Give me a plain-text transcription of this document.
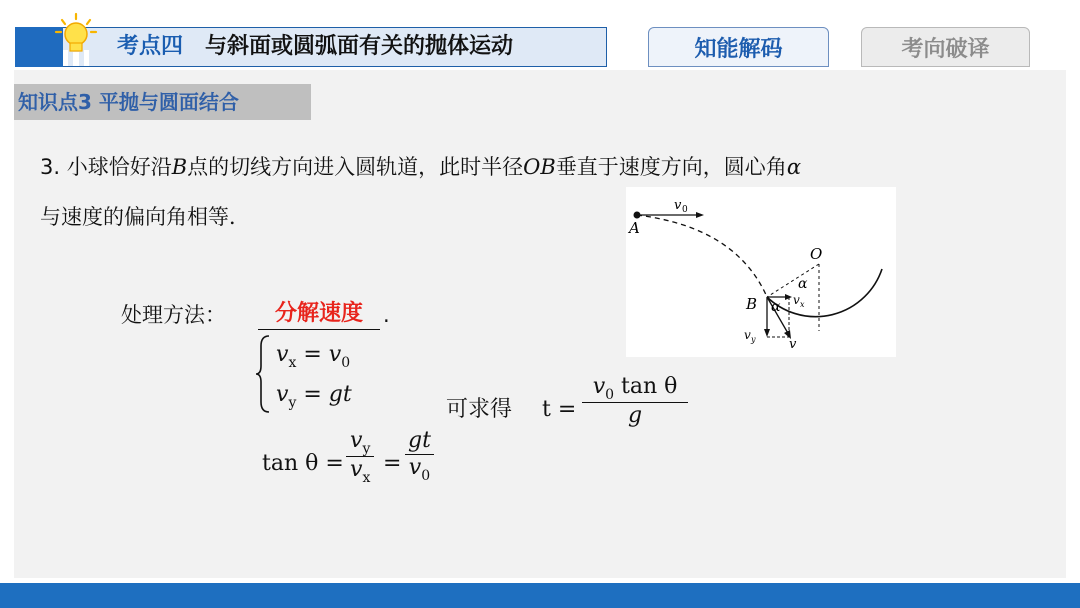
考点四 与斜面或圆弧面有关的抛体运动	知能解码	考向破译
知识点3 平抛与圆面结合
3. 小球恰好沿B点的切线方向进入圆轨道，此时半径OB垂直于速度方向，圆心角α
与速度的偏向角相等．
处理方法：	分解速度 .
$v_x = v_0$
$v_y$ = gt
$\tan \theta = \frac{v_y}{v_x} = \frac{gt}{v_0}$
可求得 $t = \frac{v_0 \tan \theta}{g}$
A
v 0
O
α
v x
B α
v y	v
